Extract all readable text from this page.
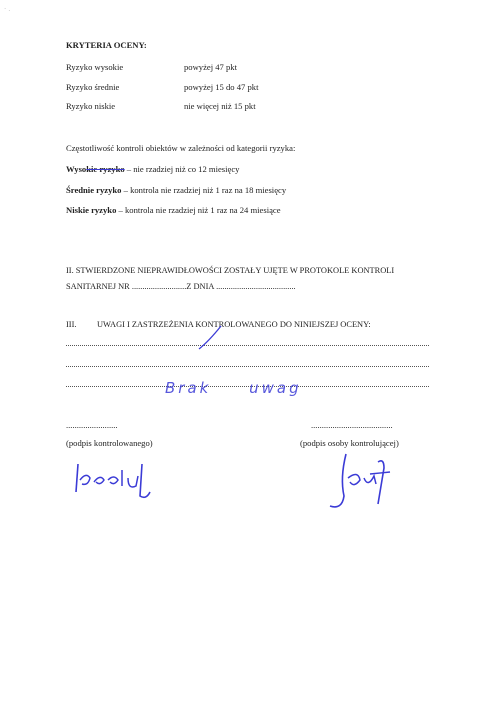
` ·
KRYTERIA OCENY:
Ryzyko wysokie	powyżej 47 pkt
Ryzyko średnie	powyżej 15 do 47 pkt
Ryzyko niskie	nie więcej niż 15 pkt
Częstotliwość kontroli obiektów w zależności od kategorii ryzyka:
Wysokie ryzyko – nie rzadziej niż co 12 miesięcy
Średnie ryzyko – kontrola nie rzadziej niż 1 raz na 18 miesięcy
Niskie ryzyko – kontrola nie rzadziej niż 1 raz na 24 miesiące
II. STWIERDZONE NIEPRAWIDŁOWOŚCI ZOSTAŁY UJĘTE W PROTOKOLE KONTROLI
SANITARNEJ NR ..........................Z DNIA ......................................
III. UWAGI I ZASTRZEŻENIA KONTROLOWANEGO DO NINIEJSZEJ OCENY:
Brak uwag
........................	......................................
(podpis kontrolowanego)	(podpis osoby kontrolującej)
